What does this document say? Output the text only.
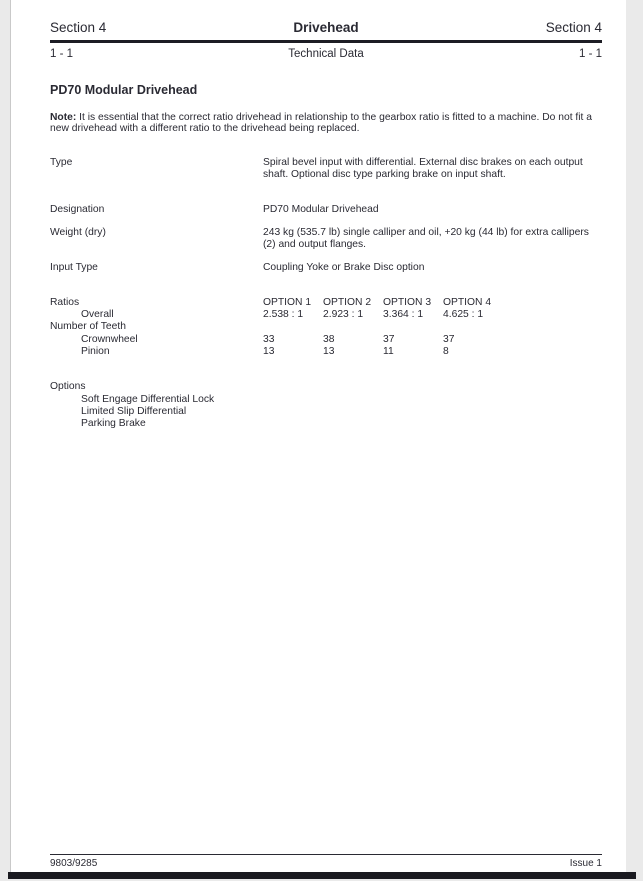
Section 4	Drivehead	Section 4
1 - 1	Technical Data	1 - 1
PD70 Modular Drivehead

Note: It is essential that the correct ratio drivehead in relationship to the gearbox ratio is fitted to a machine. Do not fit a new drivehead with a different ratio to the drivehead being replaced.

Type	Spiral bevel input with differential. External disc brakes on each output shaft. Optional disc type parking brake on input shaft.
Designation	PD70 Modular Drivehead
Weight (dry)	243 kg (535.7 lb) single calliper and oil, +20 kg (44 lb) for extra callipers (2) and output flanges.
Input Type	Coupling Yoke or Brake Disc option
Ratios	OPTION 1	OPTION 2	OPTION 3	OPTION 4
Overall	2.538 : 1	2.923 : 1	3.364 : 1	4.625 : 1
Number of Teeth
Crownwheel	33	38	37	37
Pinion	13	13	11	8
Options
Soft Engage Differential Lock
Limited Slip Differential
Parking Brake
9803/9285	Issue 1
